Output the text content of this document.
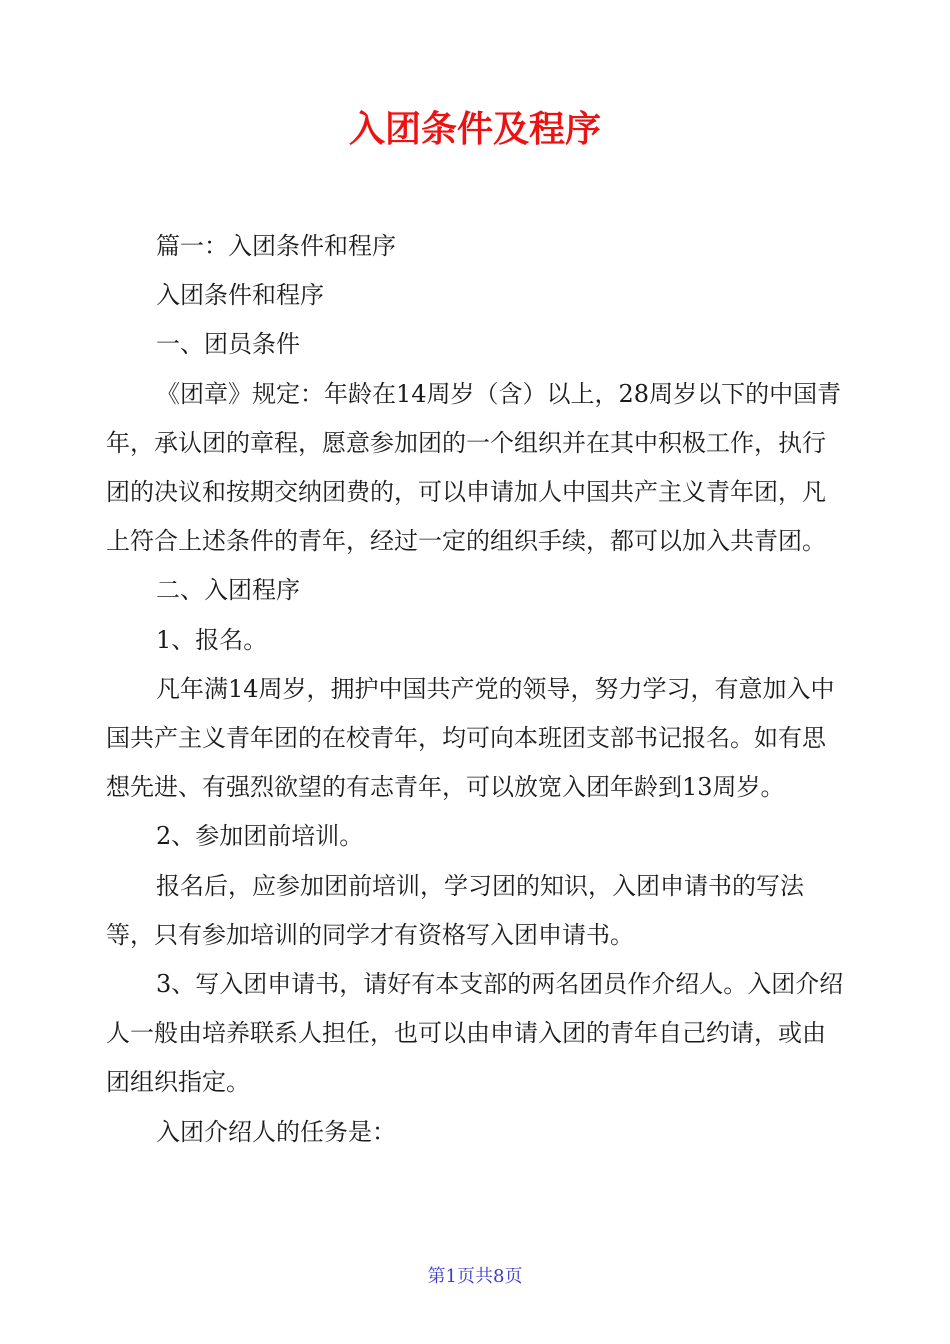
入团条件及程序

篇一：入团条件和程序

入团条件和程序

一、团员条件

《团章》规定：年龄在14周岁（含）以上，28周岁以下的中国青年，承认团的章程，愿意参加团的一个组织并在其中积极工作，执行团的决议和按期交纳团费的，可以申请加人中国共产主义青年团，凡上符合上述条件的青年，经过一定的组织手续，都可以加入共青团。

二、入团程序

1、报名。

凡年满14周岁，拥护中国共产党的领导，努力学习，有意加入中国共产主义青年团的在校青年，均可向本班团支部书记报名。如有思想先进、有强烈欲望的有志青年，可以放宽入团年龄到13周岁。

2、参加团前培训。

报名后，应参加团前培训，学习团的知识，入团申请书的写法等，只有参加培训的同学才有资格写入团申请书。

3、写入团申请书，请好有本支部的两名团员作介绍人。入团介绍人一般由培养联系人担任，也可以由申请入团的青年自己约请，或由团组织指定。

入团介绍人的任务是：

第1页共8页
